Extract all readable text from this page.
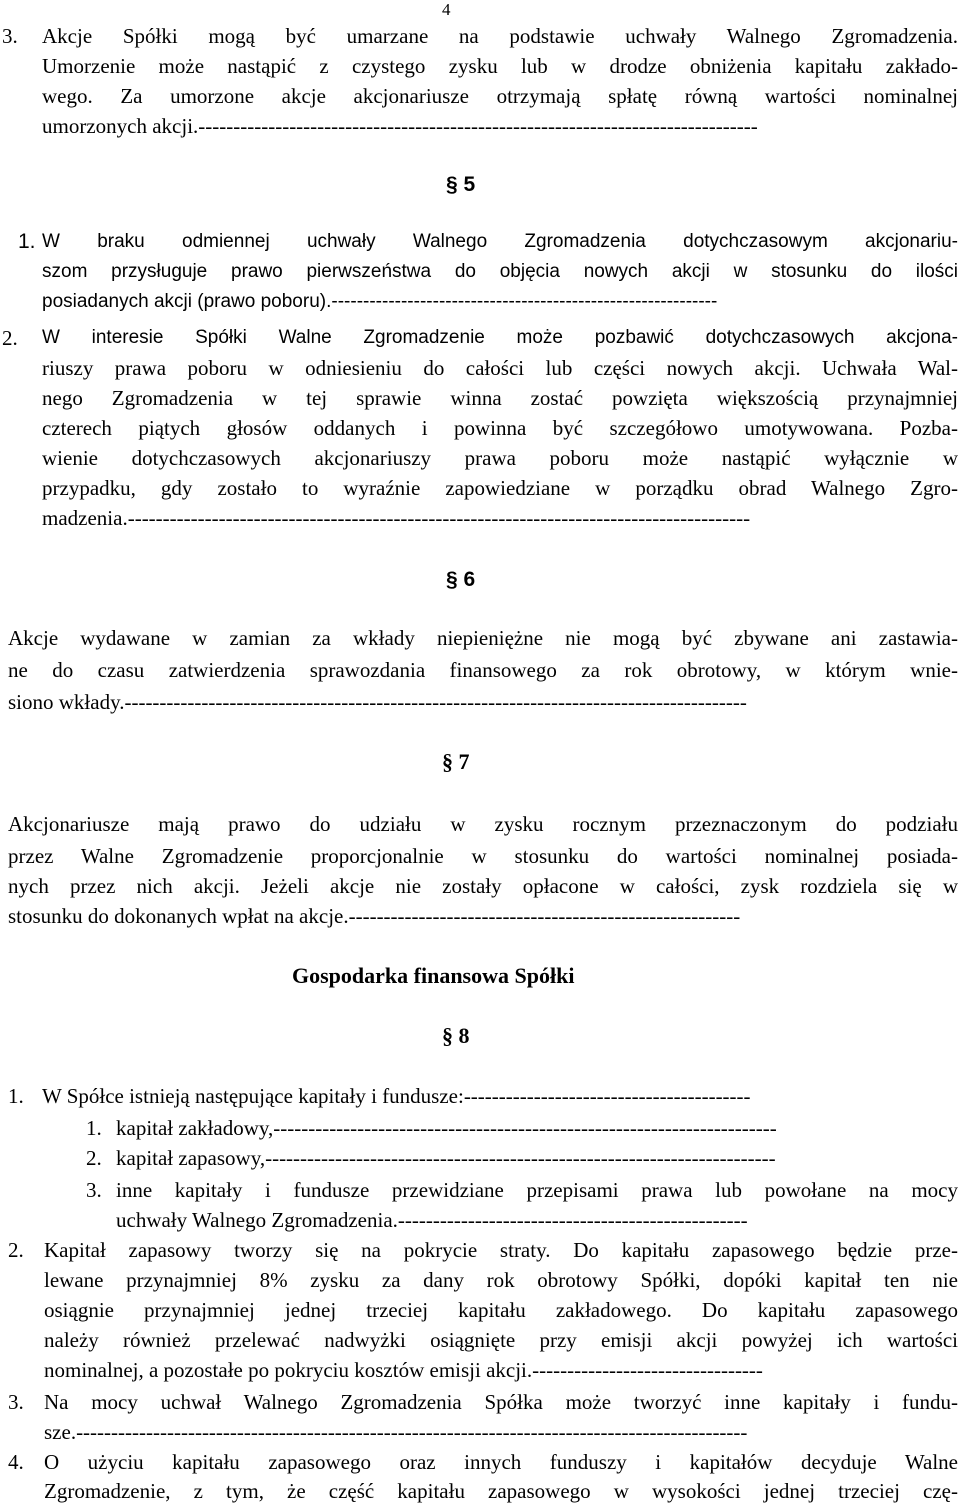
4
3. Akcje Spółki mogą być umarzane na podstawie uchwały Walnego Zgromadzenia.
Umorzenie może nastąpić z czystego zysku lub w drodze obniżenia kapitału zakłado-
wego. Za umorzone akcje akcjonariusze otrzymają spłatę równą wartości nominalnej
umorzonych akcji.--------------------------------------------------------------------------------
§ 5
1. W braku odmiennej uchwały Walnego Zgromadzenia dotychczasowym akcjonariu-
szom przysługuje prawo pierwszeństwa do objęcia nowych akcji w stosunku do ilości
posiadanych akcji (prawo poboru).-------------------------------------------------------------
2. W interesie Spółki Walne Zgromadzenie może pozbawić dotychczasowych akcjona-
riuszy prawa poboru w odniesieniu do całości lub części nowych akcji. Uchwała Wal-
nego Zgromadzenia w tej sprawie winna zostać powzięta większością przynajmniej
czterech piątych głosów oddanych i powinna być szczegółowo umotywowana. Pozba-
wienie dotychczasowych akcjonariuszy prawa poboru może nastąpić wyłącznie w
przypadku, gdy zostało to wyraźnie zapowiedziane w porządku obrad Walnego Zgro-
madzenia.-----------------------------------------------------------------------------------------
§ 6
Akcje wydawane w zamian za wkłady niepieniężne nie mogą być zbywane ani zastawia-
ne do czasu zatwierdzenia sprawozdania finansowego za rok obrotowy, w którym wnie-
siono wkłady.-----------------------------------------------------------------------------------------
§ 7
Akcjonariusze mają prawo do udziału w zysku rocznym przeznaczonym do podziału
przez Walne Zgromadzenie proporcjonalnie w stosunku do wartości nominalnej posiada-
nych przez nich akcji. Jeżeli akcje nie zostały opłacone w całości, zysk rozdziela się w
stosunku do dokonanych wpłat na akcje.--------------------------------------------------------
Gospodarka finansowa Spółki
§ 8
1. W Spółce istnieją następujące kapitały i fundusze:-----------------------------------------
1. kapitał zakładowy,------------------------------------------------------------------------
2. kapitał zapasowy,-------------------------------------------------------------------------
3. inne kapitały i fundusze przewidziane przepisami prawa lub powołane na mocy
uchwały Walnego Zgromadzenia.--------------------------------------------------
2. Kapitał zapasowy tworzy się na pokrycie straty. Do kapitału zapasowego będzie prze-
lewane przynajmniej 8% zysku za dany rok obrotowy Spółki, dopóki kapitał ten nie
osiągnie przynajmniej jednej trzeciej kapitału zakładowego. Do kapitału zapasowego
należy również przelewać nadwyżki osiągnięte przy emisji akcji powyżej ich wartości
nominalnej, a pozostałe po pokryciu kosztów emisji akcji.---------------------------------
3. Na mocy uchwał Walnego Zgromadzenia Spółka może tworzyć inne kapitały i fundu-
sze.------------------------------------------------------------------------------------------------
4. O użyciu kapitału zapasowego oraz innych funduszy i kapitałów decyduje Walne
Zgromadzenie, z tym, że część kapitału zapasowego w wysokości jednej trzeciej czę-
